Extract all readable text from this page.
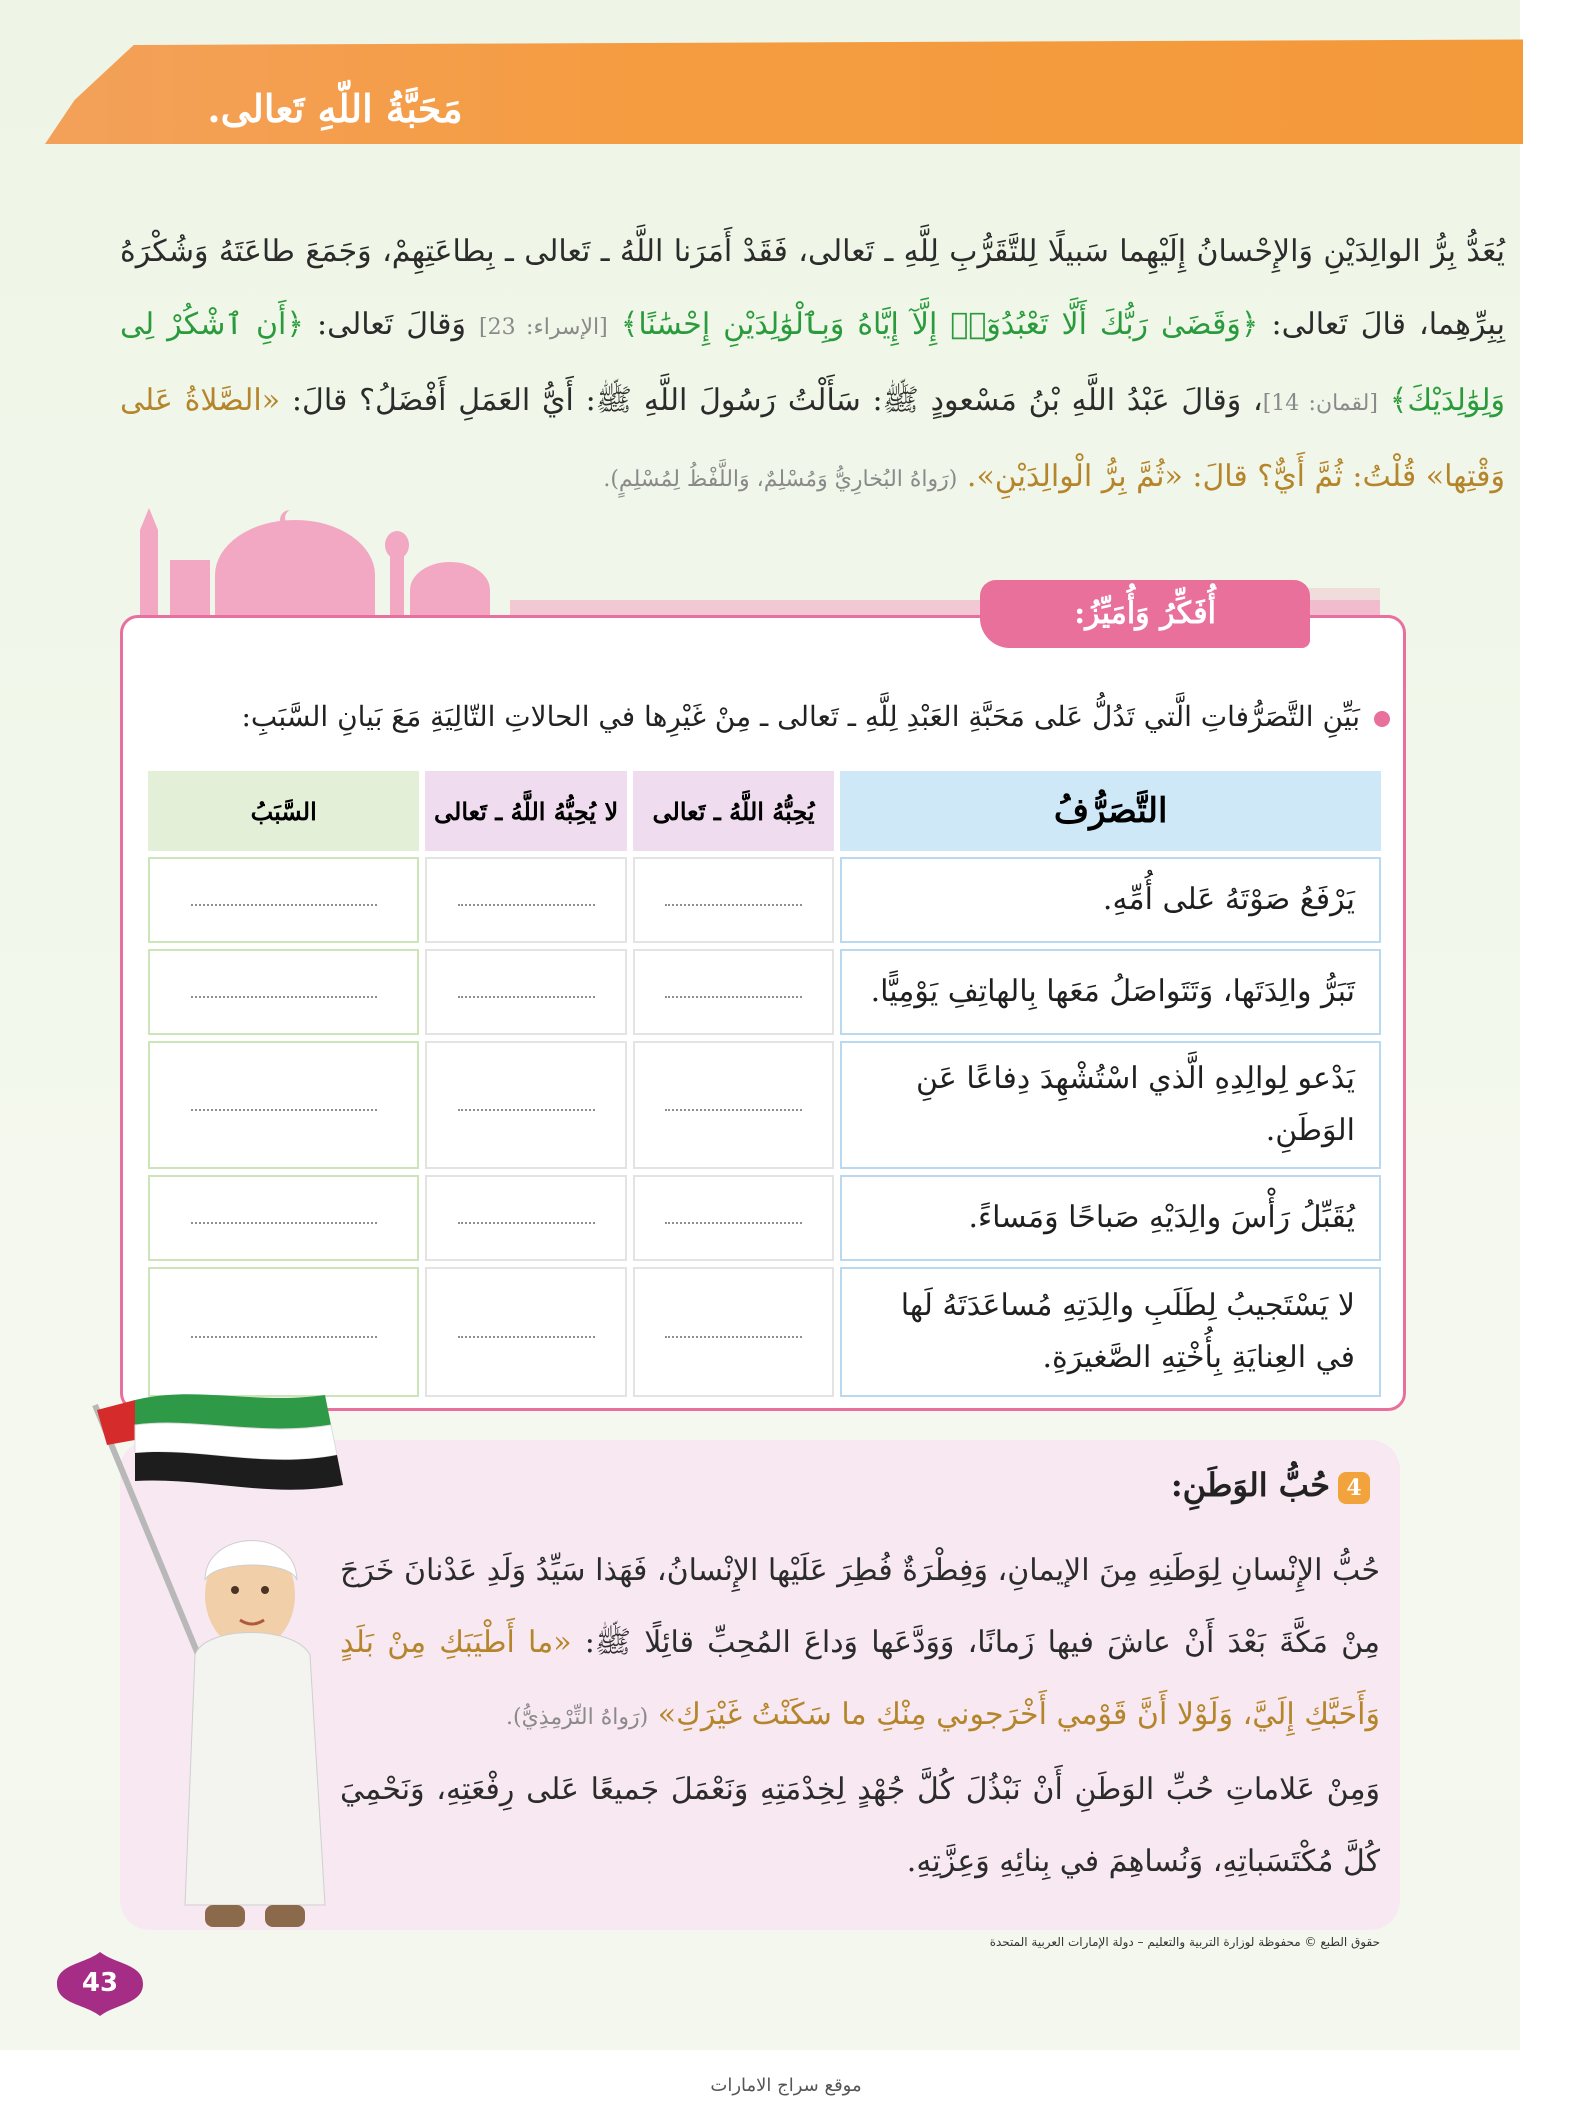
مَحَبَّةُ اللّهِ تَعالى.
يُعَدُّ بِرُّ الوالِدَيْنِ وَالإِحْسانُ إِلَيْهِما سَبيلًا لِلتَّقَرُّبِ لِلَّهِ ـ تَعالى، فَقَدْ أَمَرَنا اللَّهُ ـ تَعالى ـ بِطاعَتِهِمْ، وَجَمَعَ طاعَتَهُ وَشُكْرَهُ بِبِرِّهِما، قالَ تَعالى: ﴿وَقَضَىٰ رَبُّكَ أَلَّا تَعْبُدُوٓا۟ إِلَّآ إِيَّاهُ وَبِٱلْوَٰلِدَيْنِ إِحْسَٰنًا﴾ [الإسراء: 23] وَقالَ تَعالى: ﴿أَنِ ٱشْكُرْ لِى وَلِوَٰلِدَيْكَ﴾ [لقمان: 14]، وَقالَ عَبْدُ اللَّهِ بْنُ مَسْعودٍ ﷺ: سَأَلْتُ رَسُولَ اللَّهِ ﷺ: أَيُّ العَمَلِ أَفْضَلُ؟ قالَ: «الصَّلاةُ عَلى وَقْتِها» قُلْتُ: ثُمَّ أَيٌّ؟ قالَ: «ثُمَّ بِرُّ الْوالِدَيْنِ». (رَواهُ البُخارِيُّ وَمُسْلِمٌ، وَاللَّفْظُ لِمُسْلِمٍ).
أُفَكِّرُ وَأُمَيِّزُ:
بَيِّنِ التَّصَرُّفاتِ الَّتي تَدُلُّ عَلى مَحَبَّةِ العَبْدِ لِلَّهِ ـ تَعالى ـ مِنْ غَيْرِها في الحالاتِ التّالِيَةِ مَعَ بَيانِ السَّبَبِ:
التَّصَرُّفُ	يُحِبُّهُ اللَّهُ ـ تَعالى	لا يُحِبُّهُ اللَّهُ ـ تَعالى	السَّبَبُ
يَرْفَعُ صَوْتَهُ عَلى أُمِّهِ.			
تَبَرُّ والِدَتَها، وَتَتَواصَلُ مَعَها بِالهاتِفِ يَوْمِيًّا.			
يَدْعو لِوالِدِهِ الَّذي اسْتُشْهِدَ دِفاعًا عَنِ الوَطَنِ.			
يُقَبِّلُ رَأْسَ والِدَيْهِ صَباحًا وَمَساءً.			
لا يَسْتَجيبُ لِطَلَبِ والِدَتِهِ مُساعَدَتَهُ لَها في العِنايَةِ بِأُخْتِهِ الصَّغيرَةِ.			
4حُبُّ الوَطَنِ:
حُبُّ الإِنْسانِ لِوَطَنِهِ مِنَ الإيمانِ، وَفِطْرَةٌ فُطِرَ عَلَيْها الإِنْسانُ، فَهَذا سَيِّدُ وَلَدِ عَدْنانَ خَرَجَ مِنْ مَكَّةَ بَعْدَ أَنْ عاشَ فيها زَمانًا، وَوَدَّعَها وَداعَ المُحِبِّ قائِلًا ﷺ: «ما أَطْيَبَكِ مِنْ بَلَدٍ وَأَحَبَّكِ إِلَيَّ، وَلَوْلا أَنَّ قَوْمي أَخْرَجوني مِنْكِ ما سَكَنْتُ غَيْرَكِ» (رَواهُ التِّرْمِذِيُّ).
وَمِنْ عَلاماتِ حُبِّ الوَطَنِ أَنْ نَبْذُلَ كُلَّ جُهْدٍ لِخِدْمَتِهِ وَنَعْمَلَ جَميعًا عَلى رِفْعَتِهِ، وَنَحْمِيَ كُلَّ مُكْتَسَباتِهِ، وَنُساهِمَ في بِنائِهِ وَعِزَّتِهِ.
حقوق الطبع © محفوظة لوزارة التربية والتعليم – دولة الإمارات العربية المتحدة
43
موقع سراج الامارات
